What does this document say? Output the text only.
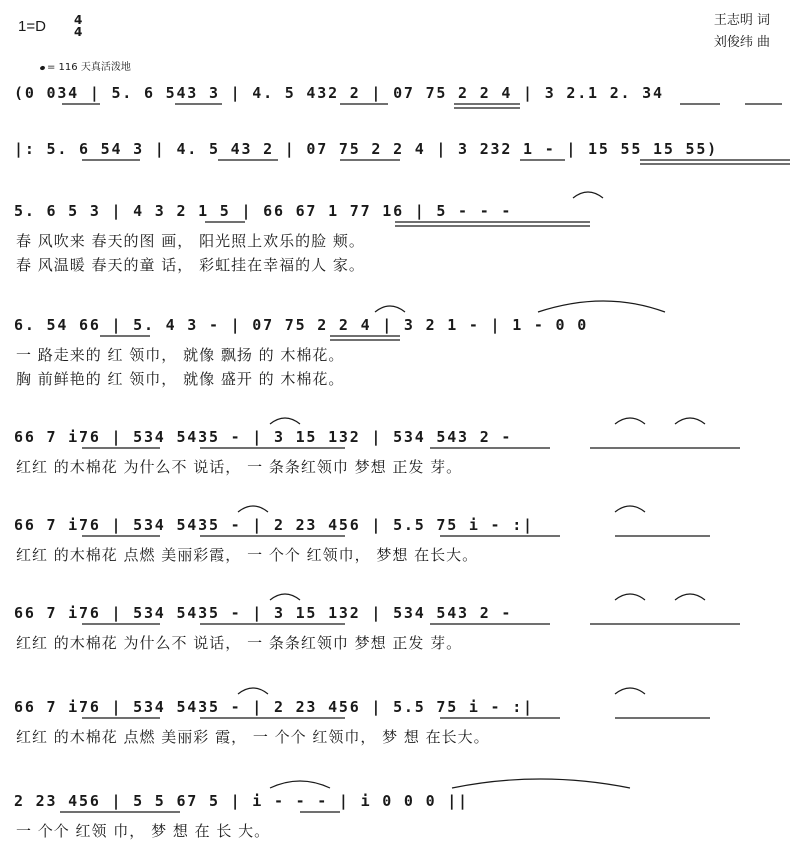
1=D 4
4
= 116 天真活泼地
王志明 词
刘俊纬 曲
(0 034 | 5. 6 543 3 | 4. 5 432 2 | 07 75 2 2 4 | 3 2.1 2. 34
|: 5. 6 54 3 | 4. 5 43 2 | 07 75 2 2 4 | 3 232 1 - | 15 55 15 55)
5. 6 5 3 | 4 3 2 1 5 | 66 67 1 77 16 | 5 - - -
春 风吹来 春天的图 画， 阳光照上欢乐的脸 颊。
春 风温暖 春天的童 话， 彩虹挂在幸福的人 家。
6. 54 66 | 5. 4 3 - | 07 75 2 2 4 | 3 2 1 - | 1 - 0 0
一 路走来的 红 领巾， 就像 飘扬 的 木棉花。
胸 前鲜艳的 红 领巾， 就像 盛开 的 木棉花。
66 7 i76 | 534 5435 - | 3 15 132 | 534 543 2 -
红红 的木棉花 为什么不 说话， 一 条条红领巾 梦想 正发 芽。
66 7 i76 | 534 5435 - | 2 23 456 | 5.5 75 i - :|
红红 的木棉花 点燃 美丽彩霞， 一 个个 红领巾， 梦想 在长大。
66 7 i76 | 534 5435 - | 3 15 132 | 534 543 2 -
红红 的木棉花 为什么不 说话， 一 条条红领巾 梦想 正发 芽。
66 7 i76 | 534 5435 - | 2 23 456 | 5.5 75 i - :|
红红 的木棉花 点燃 美丽彩 霞， 一 个个 红领巾， 梦 想 在长大。
2 23 456 | 5 5 67 5 | i - - - | i 0 0 0 ||
一 个个 红领 巾， 梦 想 在 长 大。
